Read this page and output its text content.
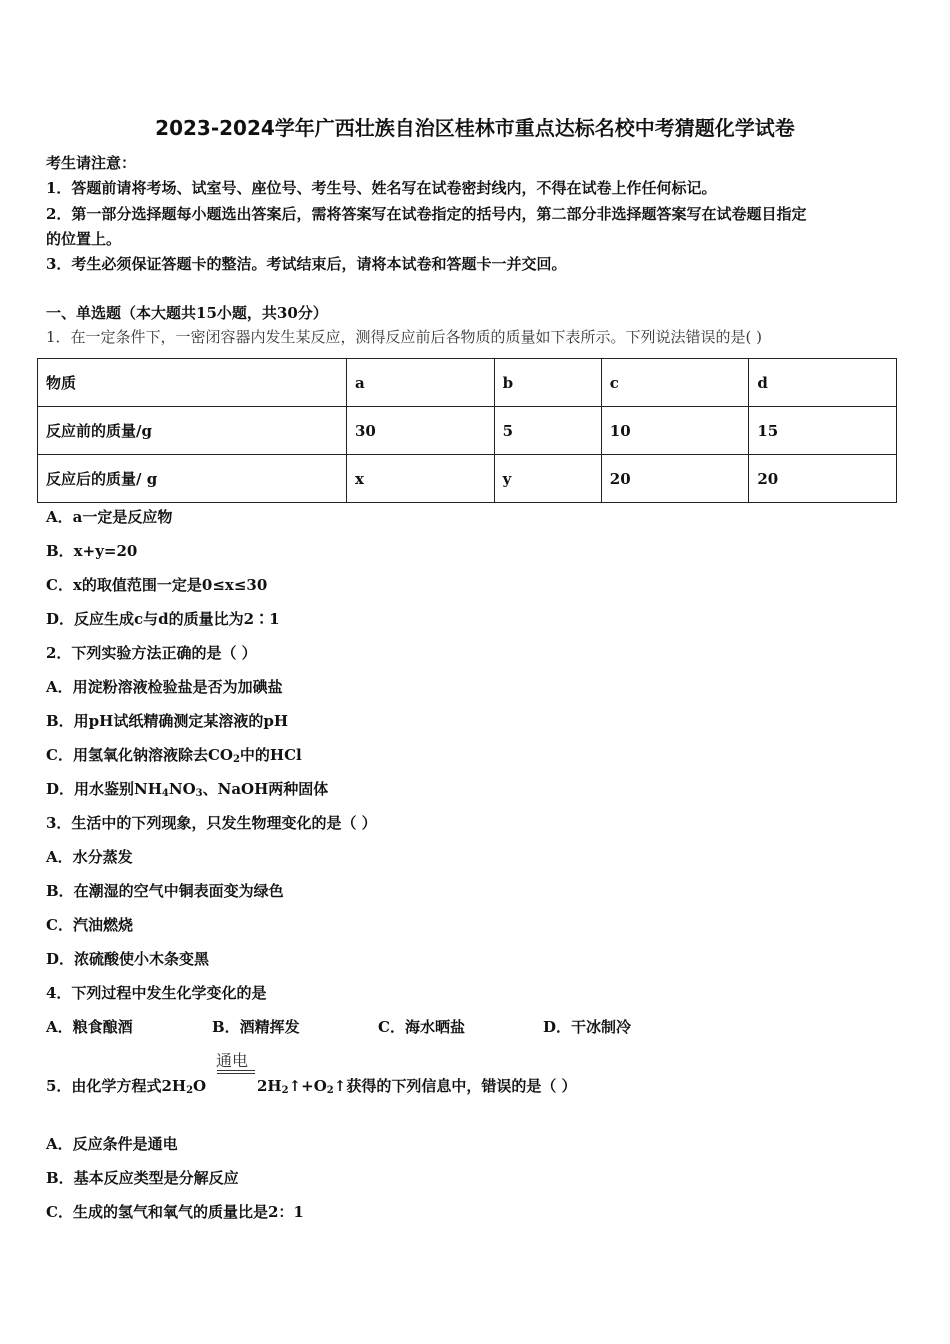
2023-2024学年广西壮族自治区桂林市重点达标名校中考猜题化学试卷
考生请注意：
1．答题前请将考场、试室号、座位号、考生号、姓名写在试卷密封线内，不得在试卷上作任何标记。
2．第一部分选择题每小题选出答案后，需将答案写在试卷指定的括号内，第二部分非选择题答案写在试卷题目指定
的位置上。
3．考生必须保证答题卡的整洁。考试结束后，请将本试卷和答题卡一并交回。
一、单选题（本大题共15小题，共30分）
1．在一定条件下，一密闭容器内发生某反应，测得反应前后各物质的质量如下表所示。下列说法错误的是( )
物质	a	b	c	d
反应前的质量/g	30	5	10	15
反应后的质量/ g	x	y	20	20
A．a一定是反应物
B．x+y=20
C．x的取值范围一定是0≤x≤30
D．反应生成c与d的质量比为2∶1
2．下列实验方法正确的是（ ）
A．用淀粉溶液检验盐是否为加碘盐
B．用pH试纸精确测定某溶液的pH
C．用氢氧化钠溶液除去$CO_2$中的HCl
D．用水鉴别$NH_4NO_3$、NaOH两种固体
3．生活中的下列现象，只发生物理变化的是（ ）
A．水分蒸发
B．在潮湿的空气中铜表面变为绿色
C．汽油燃烧
D．浓硫酸使小木条变黑
4．下列过程中发生化学变化的是
A．粮食酿酒	B．酒精挥发	C．海水晒盐	D．干冰制冷
通电
5．由化学方程式$2H_2O$	$2H_2↑+O_2↑$获得的下列信息中，错误的是（ ）
A．反应条件是通电
B．基本反应类型是分解反应
C．生成的氢气和氧气的质量比是2：1
